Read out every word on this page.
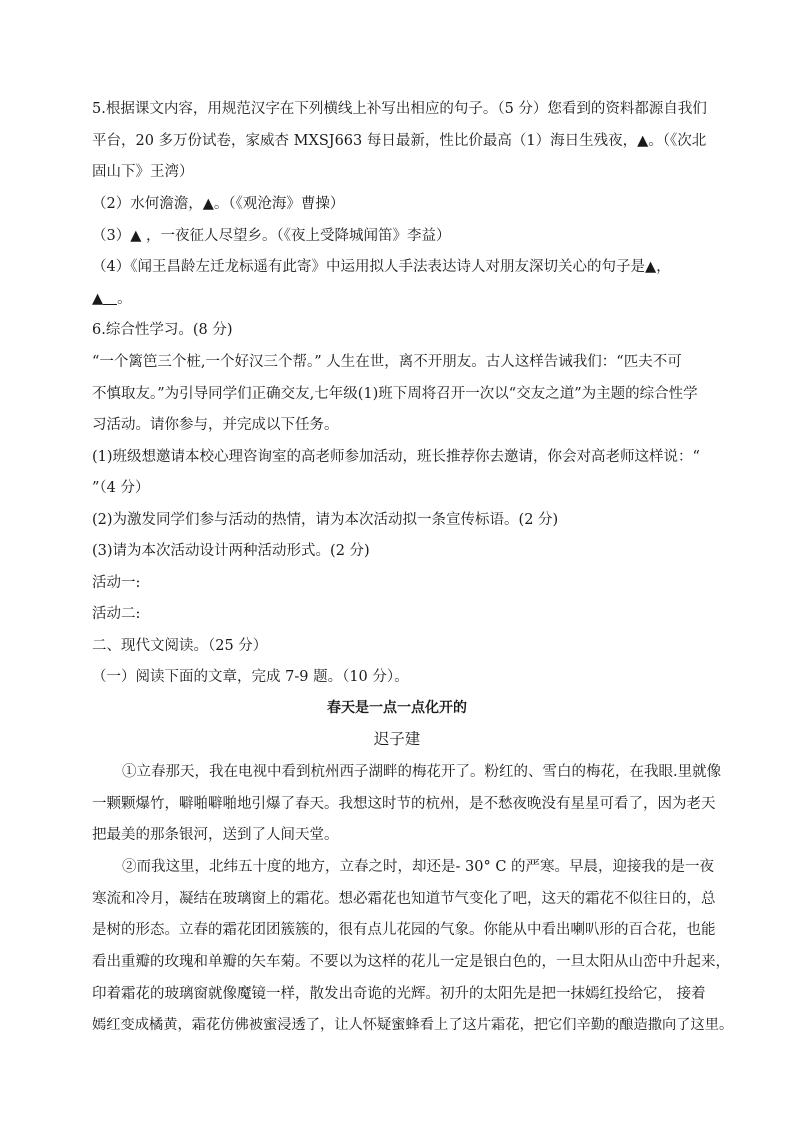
5.根据课文内容，用规范汉字在下列横线上补写出相应的句子。（5 分）您看到的资料都源自我们
平台，20 多万份试卷，家威杏 MXSJ663 每日最新，性比价最高（1）海日生残夜，▲。（《次北
固山下》王湾）
（2）水何澹澹，▲。（《观沧海》曹操）
（3）▲ ，一夜征人尽望乡。（《夜上受降城闻笛》李益）
（4）《闻王昌龄左迁龙标遥有此寄》中运用拟人手法表达诗人对朋友深切关心的句子是▲，
▲ 。
6.综合性学习。(8 分)
“一个篱笆三个桩,一个好汉三个帮。” 人生在世，离不开朋友。古人这样告诫我们：“匹夫不可
不慎取友。”为引导同学们正确交友,七年级(1)班下周将召开一次以“交友之道”为主题的综合性学
习活动。请你参与，并完成以下任务。
(1)班级想邀请本校心理咨询室的高老师参加活动，班长推荐你去邀请，你会对高老师这样说：“
”（4 分）
(2)为激发同学们参与活动的热情，请为本次活动拟一条宣传标语。(2 分)
(3)请为本次活动设计两种活动形式。(2 分)
活动一:
活动二:
二、现代文阅读。（25 分）
（一）阅读下面的文章，完成 7-9 题。（10 分）。
春天是一点一点化开的
迟子建
①立春那天，我在电视中看到杭州西子湖畔的梅花开了。粉红的、雪白的梅花，在我眼.里就像
一颗颗爆竹，噼啪噼啪地引爆了春天。我想这时节的杭州，是不愁夜晚没有星星可看了，因为老天
把最美的那条银河，送到了人间天堂。
②而我这里，北纬五十度的地方，立春之时，却还是- 30° C 的严寒。早晨，迎接我的是一夜
寒流和冷月，凝结在玻璃窗上的霜花。想必霜花也知道节气变化了吧，这天的霜花不似往日的，总
是树的形态。立春的霜花团团簇簇的，很有点儿花园的气象。你能从中看出喇叭形的百合花，也能
看出重瓣的玫瑰和单瓣的矢车菊。不要以为这样的花儿一定是银白色的，一旦太阳从山峦中升起来，
印着霜花的玻璃窗就像魔镜一样，散发出奇诡的光辉。初升的太阳先是把一抹嫣红投给它， 接着
嫣红变成橘黄，霜花仿佛被蜜浸透了，让人怀疑蜜蜂看上了这片霜花，把它们辛勤的酿造撒向了这里。
